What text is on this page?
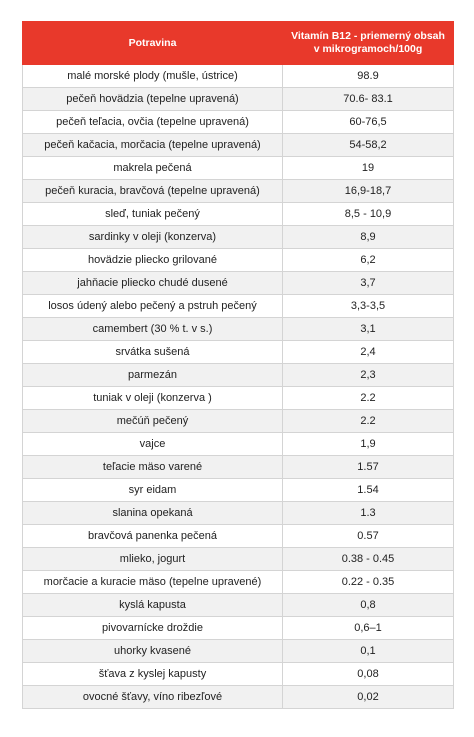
Potravina	Vitamín B12 - priemerný obsah v mikrogramoch/100g
malé morské plody (mušle, ústrice)	98.9
pečeň hovädzia (tepelne upravená)	70.6- 83.1
pečeň teľacia, ovčia (tepelne upravená)	60-76,5
pečeň kačacia, morčacia (tepelne upravená)	54-58,2
makrela pečená	19
pečeň kuracia, bravčová (tepelne upravená)	16,9-18,7
sleď, tuniak pečený	8,5 - 10,9
sardinky v oleji (konzerva)	8,9
hovädzie pliecko grilované	6,2
jahňacie pliecko chudé dusené	3,7
losos údený alebo pečený a pstruh pečený	3,3-3,5
camembert (30 % t. v s.)	3,1
srvátka sušená	2,4
parmezán	2,3
tuniak v oleji (konzerva )	2.2
mečúň pečený	2.2
vajce	1,9
teľacie mäso varené	1.57
syr eidam	1.54
slanina opekaná	1.3
bravčová panenka pečená	0.57
mlieko, jogurt	0.38 - 0.45
morčacie a kuracie mäso (tepelne upravené)	0.22 - 0.35
kyslá kapusta	0,8
pivovarnícke droždie	0,6–1
uhorky kvasené	0,1
šťava z kyslej kapusty	0,08
ovocné šťavy, víno ribezľové	0,02
